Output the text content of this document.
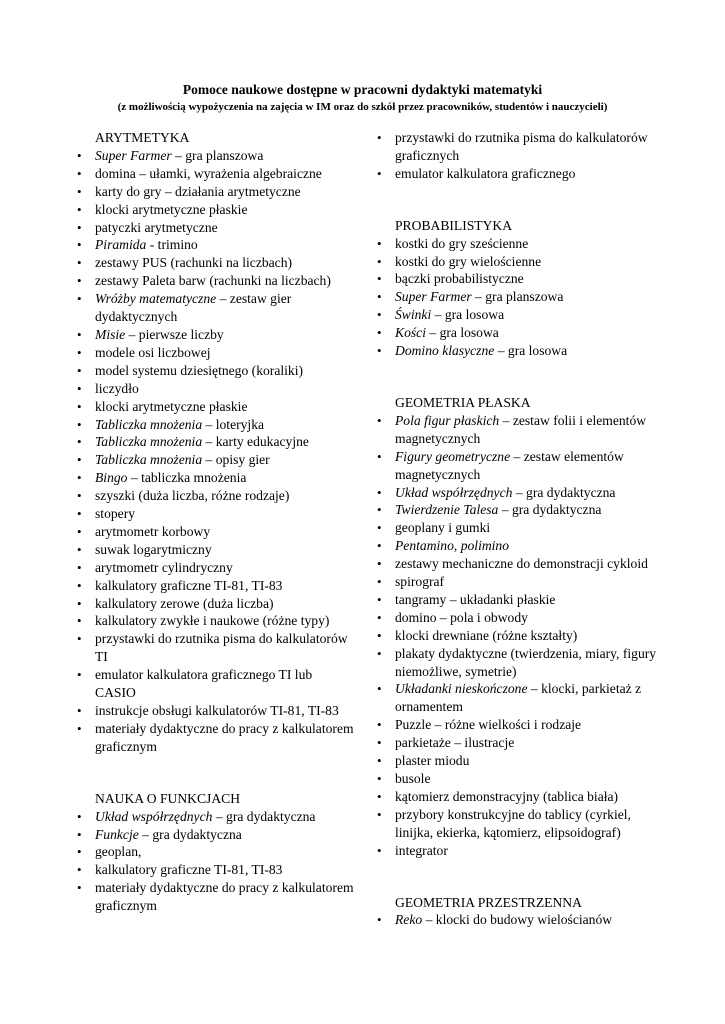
Pomoce naukowe dostępne w pracowni dydaktyki matematyki
(z możliwością wypożyczenia na zajęcia w IM oraz do szkół przez pracowników, studentów i nauczycieli)
ARYTMETYKA
• Super Farmer – gra planszowa
• domina – ułamki, wyrażenia algebraiczne
• karty do gry – działania arytmetyczne
• klocki arytmetyczne płaskie
• patyczki arytmetyczne
• Piramida - trimino
• zestawy PUS (rachunki na liczbach)
• zestawy Paleta barw (rachunki na liczbach)
• Wróżby matematyczne – zestaw gier dydaktycznych
• Misie – pierwsze liczby
• modele osi liczbowej
• model systemu dziesiętnego (koraliki)
• liczydło
• klocki arytmetyczne płaskie
• Tabliczka mnożenia – loteryjka
• Tabliczka mnożenia – karty edukacyjne
• Tabliczka mnożenia – opisy gier
• Bingo – tabliczka mnożenia
• szyszki (duża liczba, różne rodzaje)
• stopery
• arytmometr korbowy
• suwak logarytmiczny
• arytmometr cylindryczny
• kalkulatory graficzne TI-81, TI-83
• kalkulatory zerowe (duża liczba)
• kalkulatory zwykłe i naukowe (różne typy)
• przystawki do rzutnika pisma do kalkulatorów TI
• emulator kalkulatora graficznego TI lub CASIO
• instrukcje obsługi kalkulatorów TI-81, TI-83
• materiały dydaktyczne do pracy z kalkulatorem graficznym
NAUKA O FUNKCJACH
• Układ współrzędnych – gra dydaktyczna
• Funkcje – gra dydaktyczna
• geoplan,
• kalkulatory graficzne TI-81, TI-83
• materiały dydaktyczne do pracy z kalkulatorem graficznym
• przystawki do rzutnika pisma do kalkulatorów graficznych
• emulator kalkulatora graficznego
PROBABILISTYKA
• kostki do gry sześcienne
• kostki do gry wielościenne
• bączki probabilistyczne
• Super Farmer – gra planszowa
• Świnki – gra losowa
• Kości – gra losowa
• Domino klasyczne – gra losowa
GEOMETRIA PŁASKA
• Pola figur płaskich – zestaw folii i elementów magnetycznych
• Figury geometryczne – zestaw elementów magnetycznych
• Układ współrzędnych – gra dydaktyczna
• Twierdzenie Talesa – gra dydaktyczna
• geoplany i gumki
• Pentamino, polimino
• zestawy mechaniczne do demonstracji cykloid
• spirograf
• tangramy – układanki płaskie
• domino – pola i obwody
• klocki drewniane (różne kształty)
• plakaty dydaktyczne (twierdzenia, miary, figury niemożliwe, symetrie)
• Układanki nieskończone – klocki, parkietaż z ornamentem
• Puzzle – różne wielkości i rodzaje
• parkietaże – ilustracje
• plaster miodu
• busole
• kątomierz demonstracyjny (tablica biała)
• przybory konstrukcyjne do tablicy (cyrkiel, linijka, ekierka, kątomierz, elipsoidograf)
• integrator
GEOMETRIA PRZESTRZENNA
• Reko – klocki do budowy wielościanów
